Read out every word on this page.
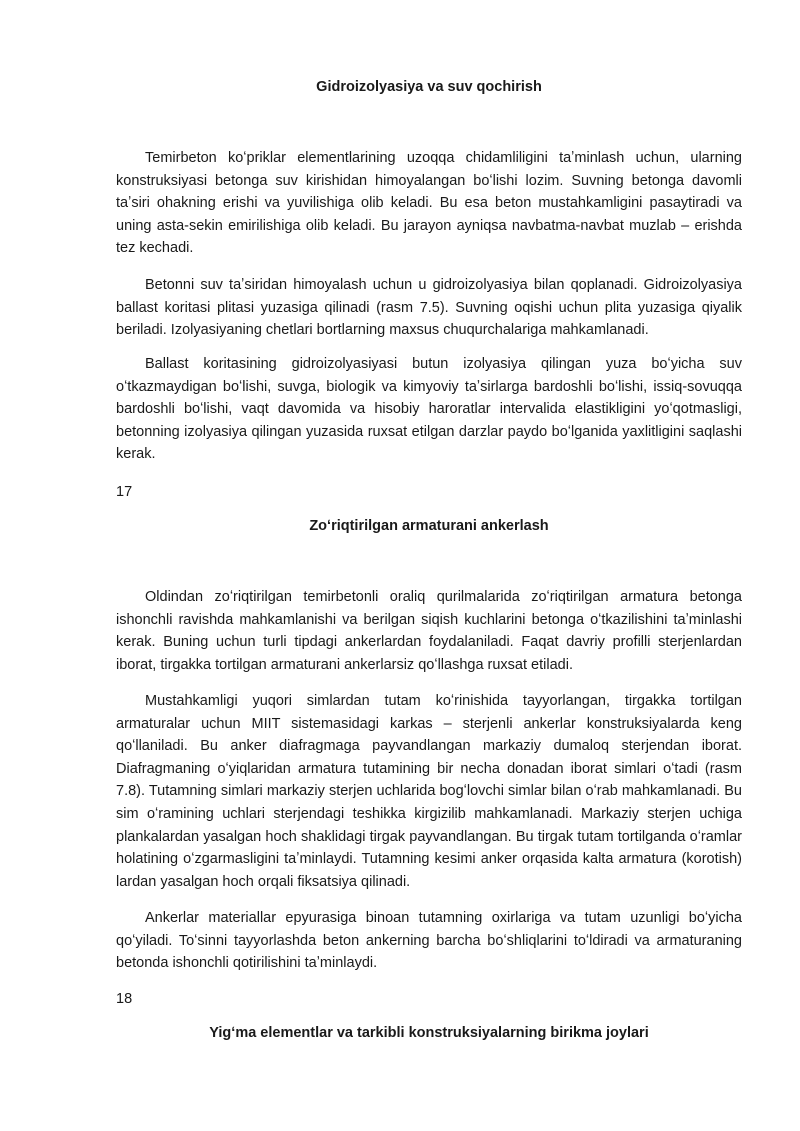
Gidroizolyasiya va suv qochirish

Temirbeton koʻpriklar elementlarining uzoqqa chidamliligini taʼminlash uchun, ularning konstruksiyasi betonga suv kirishidan himoyalangan boʻlishi lozim. Suvning betonga davomli taʼsiri ohakning erishi va yuvilishiga olib keladi. Bu esa beton mustahkamligini pasaytiradi va uning asta-sekin emirilishiga olib keladi. Bu jarayon ayniqsa navbatma-navbat muzlab – erishda tez kechadi.

Betonni suv taʼsiridan himoyalash uchun u gidroizolyasiya bilan qoplanadi. Gidroizolyasiya ballast koritasi plitasi yuzasiga qilinadi (rasm 7.5). Suvning oqishi uchun plita yuzasiga qiyalik beriladi. Izolyasiyaning chetlari bortlarning maxsus chuqurchalariga mahkamlanadi.

Ballast koritasining gidroizolyasiyasi butun izolyasiya qilingan yuza boʻyicha suv oʻtkazmaydigan boʻlishi, suvga, biologik va kimyoviy taʼsirlarga bardoshli boʻlishi, issiq-sovuqqa bardoshli boʻlishi, vaqt davomida va hisobiy haroratlar intervalida elastikligini yoʻqotmasligi, betonning izolyasiya qilingan yuzasida ruxsat etilgan darzlar paydo boʻlganida yaxlitligini saqlashi kerak.

17

Zoʻriqtirilgan armaturani ankerlash

Oldindan zoʻriqtirilgan temirbetonli oraliq qurilmalarida zoʻriqtirilgan armatura betonga ishonchli ravishda mahkamlanishi va berilgan siqish kuchlarini betonga oʻtkazilishini taʼminlashi kerak. Buning uchun turli tipdagi ankerlardan foydalaniladi. Faqat davriy profilli sterjenlardan iborat, tirgakka tortilgan armaturani ankerlarsiz qoʻllashga ruxsat etiladi.

Mustahkamligi yuqori simlardan tutam koʻrinishida tayyorlangan, tirgakka tortilgan armaturalar uchun MIIT sistemasidagi karkas – sterjenli ankerlar konstruksiyalarda keng qoʻllaniladi. Bu anker diafragmaga payvandlangan markaziy dumaloq sterjendan iborat. Diafragmaning oʻyiqlaridan armatura tutamining bir necha donadan iborat simlari oʻtadi (rasm 7.8). Tutamning simlari markaziy sterjen uchlarida bogʻlovchi simlar bilan oʻrab mahkamlanadi. Bu sim oʻramining uchlari sterjendagi teshikka kirgizilib mahkamlanadi. Markaziy sterjen uchiga plankalardan yasalgan hoch shaklidagi tirgak payvandlangan. Bu tirgak tutam tortilganda oʻramlar holatining oʻzgarmasligini taʼminlaydi. Tutamning kesimi anker orqasida kalta armatura (korotish) lardan yasalgan hoch orqali fiksatsiya qilinadi.

Ankerlar materiallar epyurasiga binoan tutamning oxirlariga va tutam uzunligi boʻyicha qoʻyiladi. Toʻsinni tayyorlashda beton ankerning barcha boʻshliqlarini toʻldiradi va armaturaning betonda ishonchli qotirilishini taʼminlaydi.

18

Yigʻma elementlar va tarkibli konstruksiyalarning birikma joylari
